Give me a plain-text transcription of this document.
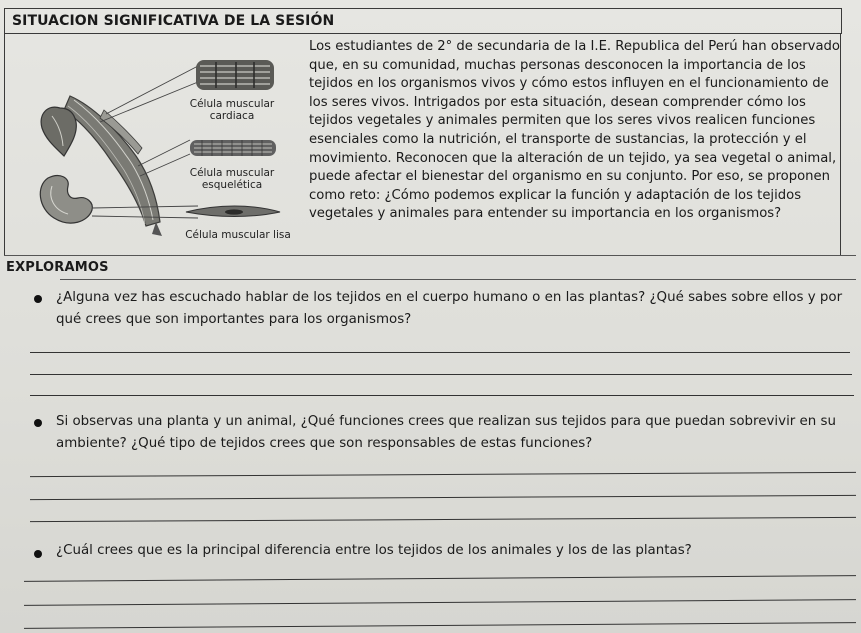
SITUACION SIGNIFICATIVA DE LA SESIÓN
Célula muscular
cardiaca
Célula muscular
esquelética
Célula muscular lisa

Los estudiantes de 2° de secundaria de la I.E. Republica del Perú han observado

que, en su comunidad, muchas personas desconocen la importancia de los

tejidos en los organismos vivos y cómo estos influyen en el funcionamiento de

los seres vivos. Intrigados por esta situación, desean comprender cómo los

tejidos vegetales y animales permiten que los seres vivos realicen funciones

esenciales como la nutrición, el transporte de sustancias, la protección y el

movimiento. Reconocen que la alteración de un tejido, ya sea vegetal o animal,

puede afectar el bienestar del organismo en su conjunto. Por eso, se proponen

como reto: ¿Cómo podemos explicar la función y adaptación de los tejidos

vegetales y animales para entender su importancia en los organismos?

EXPLORAMOS
¿Alguna vez has escuchado hablar de los tejidos en el cuerpo humano o en las plantas? ¿Qué sabes sobre ellos y por
qué crees que son importantes para los organismos?
Si observas una planta y un animal, ¿Qué funciones crees que realizan sus tejidos para que puedan sobrevivir en su
ambiente? ¿Qué tipo de tejidos crees que son responsables de estas funciones?
¿Cuál crees que es la principal diferencia entre los tejidos de los animales y los de las plantas?
